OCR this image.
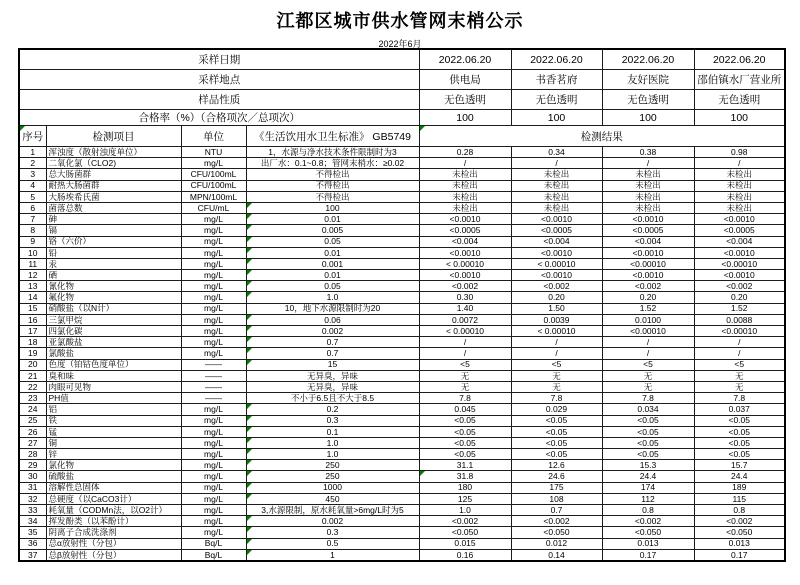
江都区城市供水管网末梢公示
2022年6月
采样日期				2022.06.20	2022.06.20	2022.06.20	2022.06.20
采样地点				供电局	书香茗府	友好医院	邵伯镇水厂营业所
样品性质				无色透明	无色透明	无色透明	无色透明
合格率（%）（合格项次／总项次）				100	100	100	100

序号	检测项目	单位	《生活饮用水卫生标准》 GB5749	检测结果			
1	浑浊度（散射浊度单位）	NTU	1，水源与净水技术条件限制时为3	0.28	0.34	0.38	0.98
2	二氧化氯（CLO2)	mg/L	出厂水：0.1~0.8；管网末梢水：≥0.02	/	/	/	/
3	总大肠菌群	CFU/100mL	不得检出	未检出	未检出	未检出	未检出
4	耐热大肠菌群	CFU/100mL	不得检出	未检出	未检出	未检出	未检出
5	大肠埃希氏菌	MPN/100mL	不得检出	未检出	未检出	未检出	未检出
6	菌落总数	CFU/mL	100	未检出	未检出	未检出	未检出
7	砷	mg/L	0.01	<0.0010	<0.0010	<0.0010	<0.0010
8	镉	mg/L	0.005	<0.0005	<0.0005	<0.0005	<0.0005
9	铬（六价）	mg/L	0.05	<0.004	<0.004	<0.004	<0.004
10	铅	mg/L	0.01	<0.0010	<0.0010	<0.0010	<0.0010
11	汞	mg/L	0.001	< 0.00010	< 0.00010	<0.00010	<0.00010
12	硒	mg/L	0.01	<0.0010	<0.0010	<0.0010	<0.0010
13	氰化物	mg/L	0.05	<0.002	<0.002	<0.002	<0.002
14	氟化物	mg/L	1.0	0.30	0.20	0.20	0.20
15	硝酸盐（以N计）	mg/L	10，地下水源限制时为20	1.40	1.50	1.52	1.52
16	三氯甲烷	mg/L	0.06	0.0072	0.0039	0.0100	0.0088
17	四氯化碳	mg/L	0.002	< 0.00010	< 0.00010	<0.00010	<0.00010
18	亚氯酸盐	mg/L	0.7	/	/	/	/
19	氯酸盐	mg/L	0.7	/	/	/	/
20	色度（铂钴色度单位）	——	15	<5	<5	<5	<5
21	臭和味	——	无异臭，异味	无	无	无	无
22	肉眼可见物	——	无异臭，异味	无	无	无	无
23	PH值	——	不小于6.5且不大于8.5	7.8	7.8	7.8	7.8
24	铝	mg/L	0.2	0.045	0.029	0.034	0.037
25	铁	mg/L	0.3	<0.05	<0.05	<0.05	<0.05
26	锰	mg/L	0.1	<0.05	<0.05	<0.05	<0.05
27	铜	mg/L	1.0	<0.05	<0.05	<0.05	<0.05
28	锌	mg/L	1.0	<0.05	<0.05	<0.05	<0.05
29	氯化物	mg/L	250	31.1	12.6	15.3	15.7
30	硫酸盐	mg/L	250	31.8	24.6	24.4	24.4
31	溶解性总固体	mg/L	1000	180	175	174	189
32	总硬度（以CaCO3计）	mg/L	450	125	108	112	115
33	耗氧量（CODMn法，以O2计）	mg/L	3,水源限制，原水耗氧量>6mg/L时为5	1.0	0.7	0.8	0.8
34	挥发酚类（以苯酚计）	mg/L	0.002	<0.002	<0.002	<0.002	<0.002
35	阴离子合成洗涤剂	mg/L	0.3	<0.050	<0.050	<0.050	<0.050
36	总α放射性（分包）	Bq/L	0.5	0.015	0.012	0.013	0.013
37	总β放射性（分包）	Bq/L	1	0.16	0.14	0.17	0.17
